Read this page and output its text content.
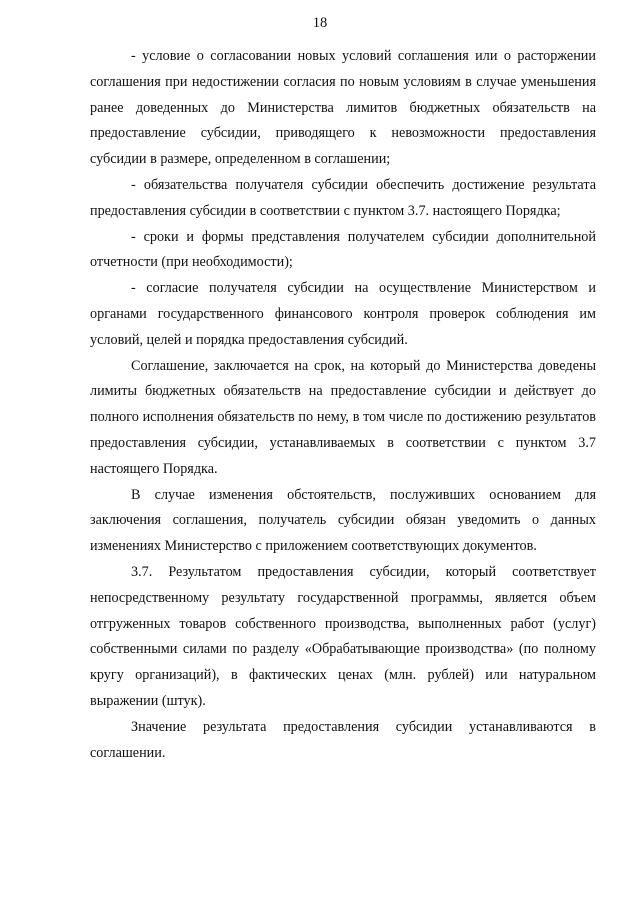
18

- условие о согласовании новых условий соглашения или о расторжении соглашения при недостижении согласия по новым условиям в случае уменьшения ранее доведенных до Министерства лимитов бюджетных обязательств на предоставление субсидии, приводящего к невозможности предоставления субсидии в размере, определенном в соглашении;

- обязательства получателя субсидии обеспечить достижение результата предоставления субсидии в соответствии с пунктом 3.7. настоящего Порядка;

- сроки и формы представления получателем субсидии дополнительной отчетности (при необходимости);

- согласие получателя субсидии на осуществление Министерством и органами государственного финансового контроля проверок соблюдения им условий, целей и порядка предоставления субсидий.

Соглашение, заключается на срок, на который до Министерства доведены лимиты бюджетных обязательств на предоставление субсидии и действует до полного исполнения обязательств по нему, в том числе по достижению результатов предоставления субсидии, устанавливаемых в соответствии с пунктом 3.7 настоящего Порядка.

В случае изменения обстоятельств, послуживших основанием для заключения соглашения, получатель субсидии обязан уведомить о данных изменениях Министерство с приложением соответствующих документов.

3.7. Результатом предоставления субсидии, который соответствует непосредственному результату государственной программы, является объем отгруженных товаров собственного производства, выполненных работ (услуг) собственными силами по разделу «Обрабатывающие производства» (по полному кругу организаций), в фактических ценах (млн. рублей) или натуральном выражении (штук).

Значение результата предоставления субсидии устанавливаются в соглашении.
